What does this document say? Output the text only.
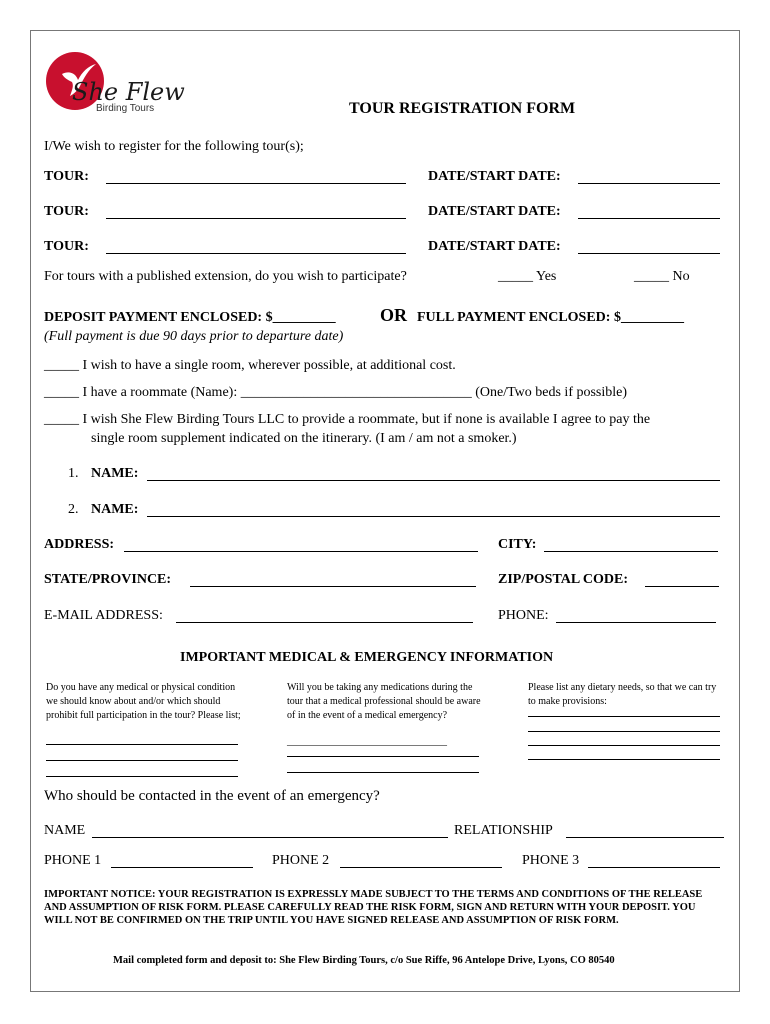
She Flew
Birding Tours	TOUR REGISTRATION FORM
I/We wish to register for the following tour(s);
TOUR:	DATE/START DATE:
TOUR:	DATE/START DATE:
TOUR:	DATE/START DATE:
For tours with a published extension, do you wish to participate?	_____ Yes	_____ No
DEPOSIT PAYMENT ENCLOSED: $_________ OR FULL PAYMENT ENCLOSED: $_________
(Full payment is due 90 days prior to departure date)
_____ I wish to have a single room, wherever possible, at additional cost.
_____ I have a roommate (Name): _________________________________ (One/Two beds if possible)
_____ I wish She Flew Birding Tours LLC to provide a roommate, but if none is available I agree to pay the
single room supplement indicated on the itinerary. (I am / am not a smoker.)
1. NAME:
2. NAME:
ADDRESS:	CITY:
STATE/PROVINCE:	ZIP/POSTAL CODE:
E-MAIL ADDRESS:	PHONE:
IMPORTANT MEDICAL & EMERGENCY INFORMATION
Do you have any medical or physical condition we should know about and/or which should prohibit full participation in the tour? Please list;
Will you be taking any medications during the tour that a medical professional should be aware of in the event of a medical emergency?
________________________________
Please list any dietary needs, so that we can try to make provisions:
Who should be contacted in the event of an emergency?
NAME	RELATIONSHIP
PHONE 1	PHONE 2	PHONE 3
IMPORTANT NOTICE: YOUR REGISTRATION IS EXPRESSLY MADE SUBJECT TO THE TERMS AND CONDITIONS OF THE RELEASE AND ASSUMPTION OF RISK FORM. PLEASE CAREFULLY READ THE RISK FORM, SIGN AND RETURN WITH YOUR DEPOSIT. YOU WILL NOT BE CONFIRMED ON THE TRIP UNTIL YOU HAVE SIGNED RELEASE AND ASSUMPTION OF RISK FORM.
Mail completed form and deposit to: She Flew Birding Tours, c/o Sue Riffe, 96 Antelope Drive, Lyons, CO 80540
